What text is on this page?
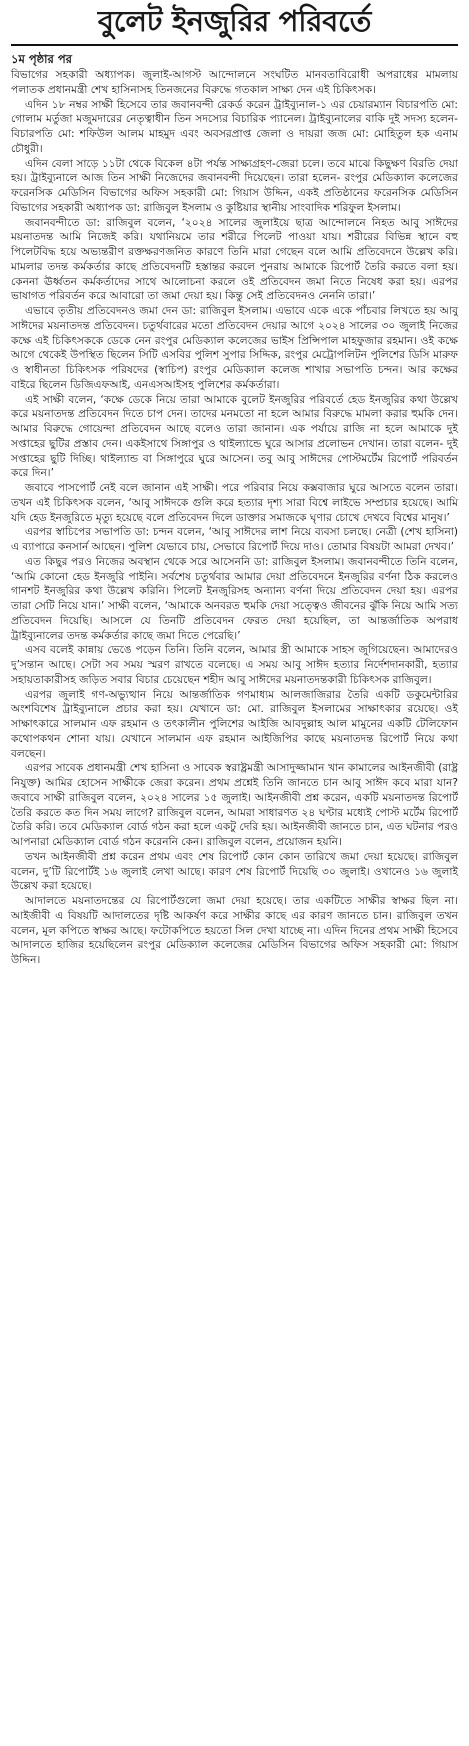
বুলেট ইনজুরির পরিবর্তে
১ম পৃষ্ঠার পর

বিভাগের সহকারী অধ্যাপক। জুলাই-আগস্ট আন্দোলনে সংঘটিত মানবতাবিরোধী অপরাধের মামলায় পলাতক প্রধানমন্ত্রী শেখ হাসিনাসহ তিনজনের বিরুদ্ধে গতকাল সাক্ষ্য দেন এই চিকিৎসক।

এদিন ১৮ নম্বর সাক্ষী হিসেবে তার জবানবন্দী রেকর্ড করেন ট্রাইব্যুনাল-১ এর চেয়ারম্যান বিচারপতি মো: গোলাম মর্তুজা মজুমদারের নেতৃত্বাধীন তিন সদস্যের বিচারিক প্যানেল। ট্রাইব্যুনালের বাকি দুই সদস্য হলেন- বিচারপতি মো: শফিউল আলম মাহমুদ এবং অবসরপ্রাপ্ত জেলা ও দায়রা জজ মো: মোহিতুল হক এনাম চৌধুরী।

এদিন বেলা সাড়ে ১১টা থেকে বিকেল ৪টা পর্যন্ত সাক্ষ্যগ্রহণ-জেরা চলে। তবে মাঝে কিছুক্ষণ বিরতি দেয়া হয়। ট্রাইব্যুনালে আজ তিন সাক্ষী নিজেদের জবানবন্দী দিয়েছেন। তারা হলেন- রংপুর মেডিক্যাল কলেজের ফরেনসিক মেডিসিন বিভাগের অফিস সহকারী মো: গিয়াস উদ্দিন, একই প্রতিষ্ঠানের ফরেনসিক মেডিসিন বিভাগের সহকারী অধ্যাপক ডা: রাজিবুল ইসলাম ও কুষ্টিয়ার স্থানীয় সাংবাদিক শরিফুল ইসলাম।

জবানবন্দীতে ডা: রাজিবুল বলেন, ‘২০২৪ সালের জুলাইয়ে ছাত্র আন্দোলনে নিহত আবু সাঈদের ময়নাতদন্ত আমি নিজেই করি। যথানিয়মে তার শরীরে পিলেট পাওয়া যায়। শরীরের বিভিন্ন স্থানে বহু পিলেটবিদ্ধ হয়ে অভ্যন্তরীণ রক্তক্ষরণজনিত কারণে তিনি মারা গেছেন বলে আমি প্রতিবেদনে উল্লেখ করি। মামলার তদন্ত কর্মকর্তার কাছে প্রতিবেদনটি হস্তান্তর করলে পুনরায় আমাকে রিপোর্ট তৈরি করতে বলা হয়। কেননা ঊর্ধ্বতন কর্মকর্তাদের সাথে আলোচনা করলে ওই প্রতিবেদন জমা নিতে নিষেধ করা হয়। এরপর ভাষাগত পরিবর্তন করে আবারো তা জমা দেয়া হয়। কিন্তু সেই প্রতিবেদনও নেননি তারা।’

এভাবে তৃতীয় প্রতিবেদনও জমা দেন ডা: রাজিবুল ইসলাম। এভাবে একে একে পাঁচবার লিখতে হয় আবু সাঈদের ময়নাতদন্ত প্রতিবেদন। চতুর্থবারের মতো প্রতিবেদন দেয়ার আগে ২০২৪ সালের ৩০ জুলাই নিজের কক্ষে এই চিকিৎসককে ডেকে নেন রংপুর মেডিক্যাল কলেজের ভাইস প্রিন্সিপাল মাহফুজার রহমান। ওই কক্ষে আগে থেকেই উপস্থিত ছিলেন সিটি এসবির পুলিশ সুপার সিদ্দিক, রংপুর মেট্রোপলিটন পুলিশের ডিসি মারুফ ও স্বাধীনতা চিকিৎসক পরিষদের (স্বাচিপ) রংপুর মেডিক্যাল কলেজ শাখার সভাপতি চন্দন। আর কক্ষের বাইরে ছিলেন ডিজিএফআই, এনএসআইসহ পুলিশের কর্মকর্তারা।

এই সাক্ষী বলেন, ‘কক্ষে ডেকে নিয়ে তারা আমাকে বুলেট ইনজুরির পরিবর্তে হেড ইনজুরির কথা উল্লেখ করে ময়নাতদন্ত প্রতিবেদন দিতে চাপ দেন। তাদের মনমতো না হলে আমার বিরুদ্ধে মামলা করার হুমকি দেন। আমার বিরুদ্ধে গোয়েন্দা প্রতিবেদন আছে বলেও তারা জানান। এক পর্যায়ে রাজি না হলে আমাকে দুই সপ্তাহের ছুটির প্রস্তাব দেন। একইসাথে সিঙ্গাপুর ও থাইল্যান্ডে ঘুরে আসার প্রলোভন দেখান। তারা বলেন- দুই সপ্তাহের ছুটি দিচ্ছি। থাইল্যান্ড বা সিঙ্গাপুরে ঘুরে আসেন। তবু আবু সাঈদের পোস্টমর্টেম রিপোর্ট পরিবর্তন করে দিন।’

জবাবে পাসপোর্ট নেই বলে জানান এই সাক্ষী। পরে পরিবার নিয়ে কক্সবাজার ঘুরে আসতে বলেন তারা। তখন এই চিকিৎসক বলেন, ‘আবু সাঈদকে গুলি করে হত্যার দৃশ্য সারা বিশ্বে লাইভে সম্প্রচার হয়েছে। আমি যদি হেড ইনজুরিতে মৃত্যু হয়েছে বলে প্রতিবেদন দিলে ডাক্তার সমাজকে ঘৃণার চোখে দেখবে বিশ্বের মানুষ।’

এরপর স্বাচিপের সভাপতি ডা: চন্দন বলেন, ‘আবু সাঈদের লাশ নিয়ে ব্যবসা চলছে। নেত্রী (শেখ হাসিনা) এ ব্যাপারে কনসার্ন আছেন। পুলিশ যেভাবে চায়, সেভাবে রিপোর্ট দিয়ে দাও। তোমার বিষয়টা আমরা দেখব।’

এত কিছুর পরও নিজের অবস্থান থেকে সরে আসেননি ডা: রাজিবুল ইসলাম। জবানবন্দীতে তিনি বলেন, ‘আমি কোনো হেড ইনজুরি পাইনি। সর্বশেষ চতুর্থবার আমার দেয়া প্রতিবেদনে ইনজুরির বর্ণনা ঠিক করলেও গানশট ইনজুরির কথা উল্লেখ করিনি। পিলেট ইনজুরিসহ অন্যান্য বর্ণনা দিয়ে প্রতিবেদন দেয়া হয়। এরপর তারা সেটি নিয়ে যান।’ সাক্ষী বলেন, ‘আমাকে অনবরত হুমকি দেয়া সত্ত্বেও জীবনের ঝুঁকি নিয়ে আমি সত্য প্রতিবেদন দিয়েছি। আসলে যে তিনটি প্রতিবেদন ফেরত দেয়া হয়েছিল, তা আন্তর্জাতিক অপরাধ ট্রাইব্যুনালের তদন্ত কর্মকর্তার কাছে জমা দিতে পেরেছি।’

এসব বলেই কান্নায় ভেঙে পড়েন তিনি। তিনি বলেন, আমার স্ত্রী আমাকে সাহস জুগিয়েছেন। আমাদেরও দু’সন্তান আছে। সেটা সব সময় স্মরণ রাখতে বলেছে। এ সময় আবু সাঈদ হত্যার নির্দেশদানকারী, হত্যার সহায়তাকারীসহ জড়িত সবার বিচার চেয়েছেন শহীদ আবু সাঈদের ময়নাতদন্তকারী চিকিৎসক রাজিবুল।

এরপর জুলাই গণ-অভ্যুত্থান নিয়ে আন্তর্জাতিক গণমাধ্যম আলজাজিরার তৈরি একটি ডকুমেন্টারির অংশবিশেষ ট্রাইব্যুনালে প্রচার করা হয়। যেখানে ডা: মো. রাজিবুল ইসলামের সাক্ষাৎকার রয়েছে। ওই সাক্ষাৎকারে সালমান এফ রহমান ও তৎকালীন পুলিশের আইজি আবদুল্লাহ আল মামুনের একটি টেলিফোন কথোপকথন শোনা যায়। যেখানে সালমান এফ রহমান আইজিপির কাছে ময়নাতদন্ত রিপোর্ট নিয়ে কথা বলছেন।

এরপর সাবেক প্রধানমন্ত্রী শেখ হাসিনা ও সাবেক স্বরাষ্ট্রমন্ত্রী আসাদুজ্জামান খান কামালের আইনজীবী (রাষ্ট্র নিযুক্ত) আমির হোসেন সাক্ষীকে জেরা করেন। প্রথম প্রশ্নেই তিনি জানতে চান আবু সাঈদ কবে মারা যান? জবাবে সাক্ষী রাজিবুল বলেন, ২০২৪ সালের ১৫ জুলাই। আইনজীবী প্রশ্ন করেন, একটি ময়নাতদন্ত রিপোর্ট তৈরি করতে কত দিন সময় লাগে? রাজিবুল বলেন, আমরা সাধারণত ২৪ ঘণ্টার মধ্যেই পোস্ট মর্টেম রিপোর্ট তৈরি করি। তবে মেডিক্যাল বোর্ড গঠন করা হলে একটু দেরি হয়। আইনজীবী জানতে চান, এত ঘটনার পরও আপনারা মেডিক্যাল বোর্ড গঠন করেননি কেন। রাজিবুল বলেন, প্রয়োজন হয়নি।

তখন আইনজীবী প্রশ্ন করেন প্রথম এবং শেষ রিপোর্ট কোন কোন তারিখে জমা দেয়া হয়েছে। রাজিবুল বলেন, দু’টি রিপোর্টই ১৬ জুলাই লেখা আছে। কারণ শেষ রিপোর্ট দিয়েছি ৩০ জুলাই। ওখানেও ১৬ জুলাই উল্লেখ করা হয়েছে।

আদালতে ময়নাতদন্তের যে রিপোর্টগুলো জমা দেয়া হয়েছে। তার একটিতে সাক্ষীর স্বাক্ষর ছিল না। আইজীবী এ বিষয়টি আদালতের দৃষ্টি আকর্ষণ করে সাক্ষীর কাছে এর কারণ জানতে চান। রাজিবুল তখন বলেন, মূল কপিতে স্বাক্ষর আছে। ফটোকপিতে হয়তো সিল দেখা যাচ্ছে না। এদিন দিনের প্রথম সাক্ষী হিসেবে আদালতে হাজির হয়েছিলেন রংপুর মেডিক্যাল কলেজের মেডিসিন বিভাগের অফিস সহকারী মো: গিয়াস উদ্দিন।
